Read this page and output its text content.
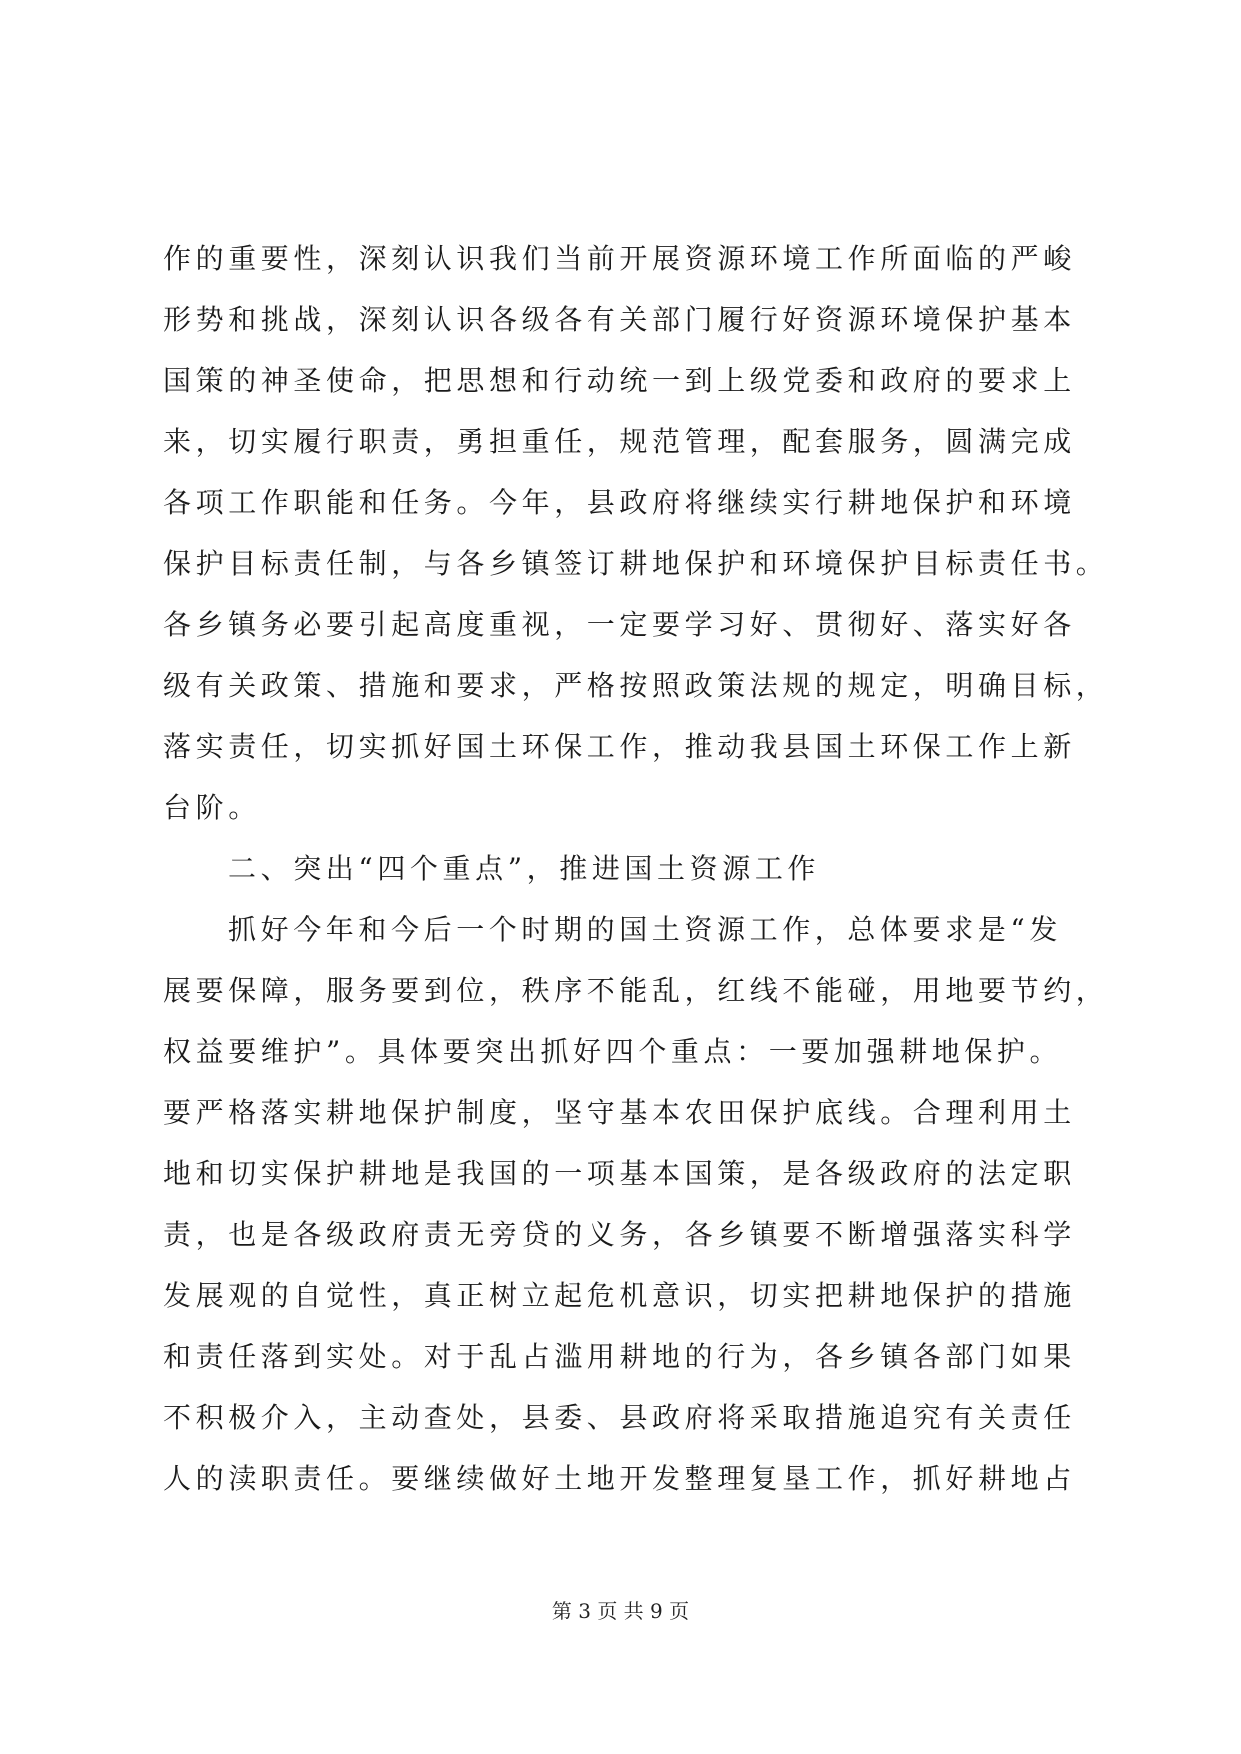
作的重要性，深刻认识我们当前开展资源环境工作所面临的严峻
形势和挑战，深刻认识各级各有关部门履行好资源环境保护基本
国策的神圣使命，把思想和行动统一到上级党委和政府的要求上
来，切实履行职责，勇担重任，规范管理，配套服务，圆满完成
各项工作职能和任务。今年，县政府将继续实行耕地保护和环境
保护目标责任制，与各乡镇签订耕地保护和环境保护目标责任书。
各乡镇务必要引起高度重视，一定要学习好、贯彻好、落实好各
级有关政策、措施和要求，严格按照政策法规的规定，明确目标，
落实责任，切实抓好国土环保工作，推动我县国土环保工作上新
台阶。
二、突出“四个重点”，推进国土资源工作
抓好今年和今后一个时期的国土资源工作，总体要求是“发
展要保障，服务要到位，秩序不能乱，红线不能碰，用地要节约，
权益要维护”。具体要突出抓好四个重点：一要加强耕地保护。
要严格落实耕地保护制度，坚守基本农田保护底线。合理利用土
地和切实保护耕地是我国的一项基本国策，是各级政府的法定职
责，也是各级政府责无旁贷的义务，各乡镇要不断增强落实科学
发展观的自觉性，真正树立起危机意识，切实把耕地保护的措施
和责任落到实处。对于乱占滥用耕地的行为，各乡镇各部门如果
不积极介入，主动查处，县委、县政府将采取措施追究有关责任
人的渎职责任。要继续做好土地开发整理复垦工作，抓好耕地占
第 3 页 共 9 页
